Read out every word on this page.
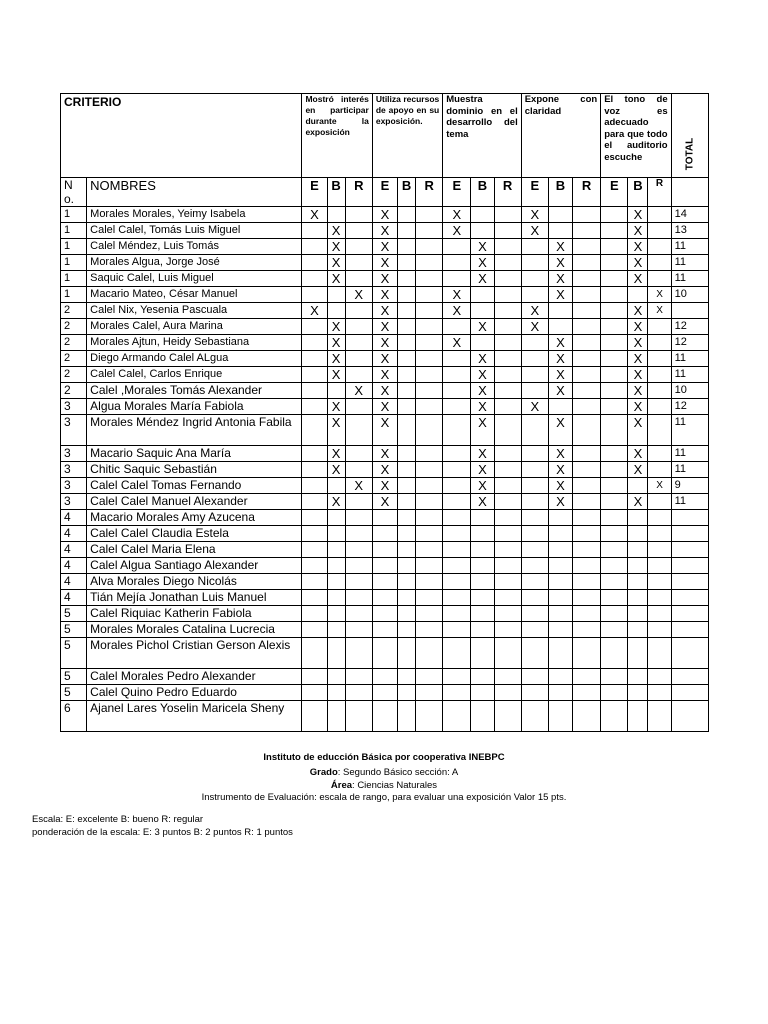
CRITERIO		Mostró interés en participar durante la exposición			Utiliza recursos de apoyo en su exposición.			Muestra dominio en el desarrollo del tema			Expone con claridad			El tono de voz es adecuado para que todo el auditorio escuche			TOTAL

N o.	NOMBRES	E	B	R	E	B	R	E	B	R	E	B	R	E	B	R	
1	Morales Morales, Yeimy Isabela	X			X			X			X				X		14
1	Calel Calel, Tomás Luis Miguel		X		X			X			X				X		13
1	Calel Méndez, Luis Tomás		X		X				X			X			X		11
1	Morales Algua, Jorge José		X		X				X			X			X		11
1	Saquic Calel, Luis Miguel		X		X				X			X			X		11
1	Macario Mateo, César Manuel			X	X			X				X				X	10
2	Calel Nix, Yesenia Pascuala	X			X			X			X				X	X	
2	Morales Calel, Aura Marina		X		X				X		X				X		12
2	Morales Ajtun, Heidy Sebastiana		X		X			X				X			X		12
2	Diego Armando Calel ALgua		X		X				X			X			X		11
2	Calel Calel, Carlos Enrique		X		X				X			X			X		11
2	Calel ,Morales Tomás Alexander			X	X				X			X			X		10
3	Algua Morales María Fabiola		X		X				X		X				X		12
3	Morales Méndez Ingrid Antonia Fabila		X		X				X			X			X		11
3	Macario Saquic Ana María		X		X				X			X			X		11
3	Chitic Saquic Sebastián		X		X				X			X			X		11
3	Calel Calel Tomas Fernando			X	X				X			X				X	9
3	Calel Calel Manuel Alexander		X		X				X			X			X		11
4	Macario Morales Amy Azucena																
4	Calel Calel Claudia Estela																
4	Calel Calel Maria Elena																
4	Calel Algua Santiago Alexander																
4	Alva Morales Diego Nicolás																
4	Tián Mejía Jonathan Luis Manuel																
5	Calel Riquiac Katherin Fabiola																
5	Morales Morales Catalina Lucrecia																
5	Morales Pichol Cristian Gerson Alexis																
5	Calel Morales Pedro Alexander																
5	Calel Quino Pedro Eduardo																
6	Ajanel Lares Yoselin Maricela Sheny																
Instituto de educción Básica por cooperativa INEBPC
Grado: Segundo Básico sección: A
Área: Ciencias Naturales
Instrumento de Evaluación: escala de rango, para evaluar una exposición Valor 15 pts.
Escala: E: excelente B: bueno R: regular
ponderación de la escala: E: 3 puntos B: 2 puntos R: 1 puntos
